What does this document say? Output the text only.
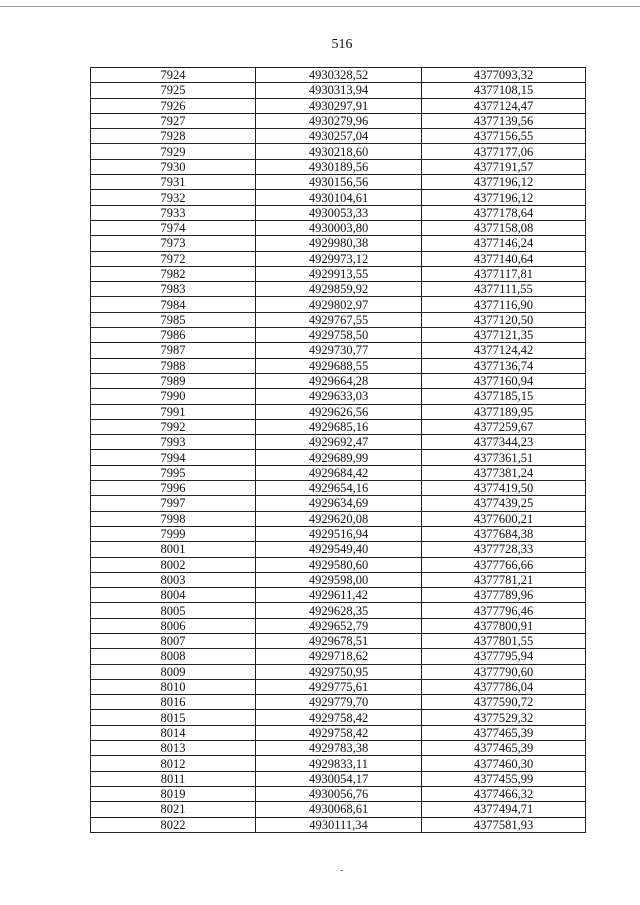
516
7924	4930328,52	4377093,32
7925	4930313,94	4377108,15
7926	4930297,91	4377124,47
7927	4930279,96	4377139,56
7928	4930257,04	4377156,55
7929	4930218,60	4377177,06
7930	4930189,56	4377191,57
7931	4930156,56	4377196,12
7932	4930104,61	4377196,12
7933	4930053,33	4377178,64
7974	4930003,80	4377158,08
7973	4929980,38	4377146,24
7972	4929973,12	4377140,64
7982	4929913,55	4377117,81
7983	4929859,92	4377111,55
7984	4929802,97	4377116,90
7985	4929767,55	4377120,50
7986	4929758,50	4377121,35
7987	4929730,77	4377124,42
7988	4929688,55	4377136,74
7989	4929664,28	4377160,94
7990	4929633,03	4377185,15
7991	4929626,56	4377189,95
7992	4929685,16	4377259,67
7993	4929692,47	4377344,23
7994	4929689,99	4377361,51
7995	4929684,42	4377381,24
7996	4929654,16	4377419,50
7997	4929634,69	4377439,25
7998	4929620,08	4377600,21
7999	4929516,94	4377684,38
8001	4929549,40	4377728,33
8002	4929580,60	4377766,66
8003	4929598,00	4377781,21
8004	4929611,42	4377789,96
8005	4929628,35	4377796,46
8006	4929652,79	4377800,91
8007	4929678,51	4377801,55
8008	4929718,62	4377795,94
8009	4929750,95	4377790,60
8010	4929775,61	4377786,04
8016	4929779,70	4377590,72
8015	4929758,42	4377529,32
8014	4929758,42	4377465,39
8013	4929783,38	4377465,39
8012	4929833,11	4377460,30
8011	4930054,17	4377455,99
8019	4930056,76	4377466,32
8021	4930068,61	4377494,71
8022	4930111,34	4377581,93
-
